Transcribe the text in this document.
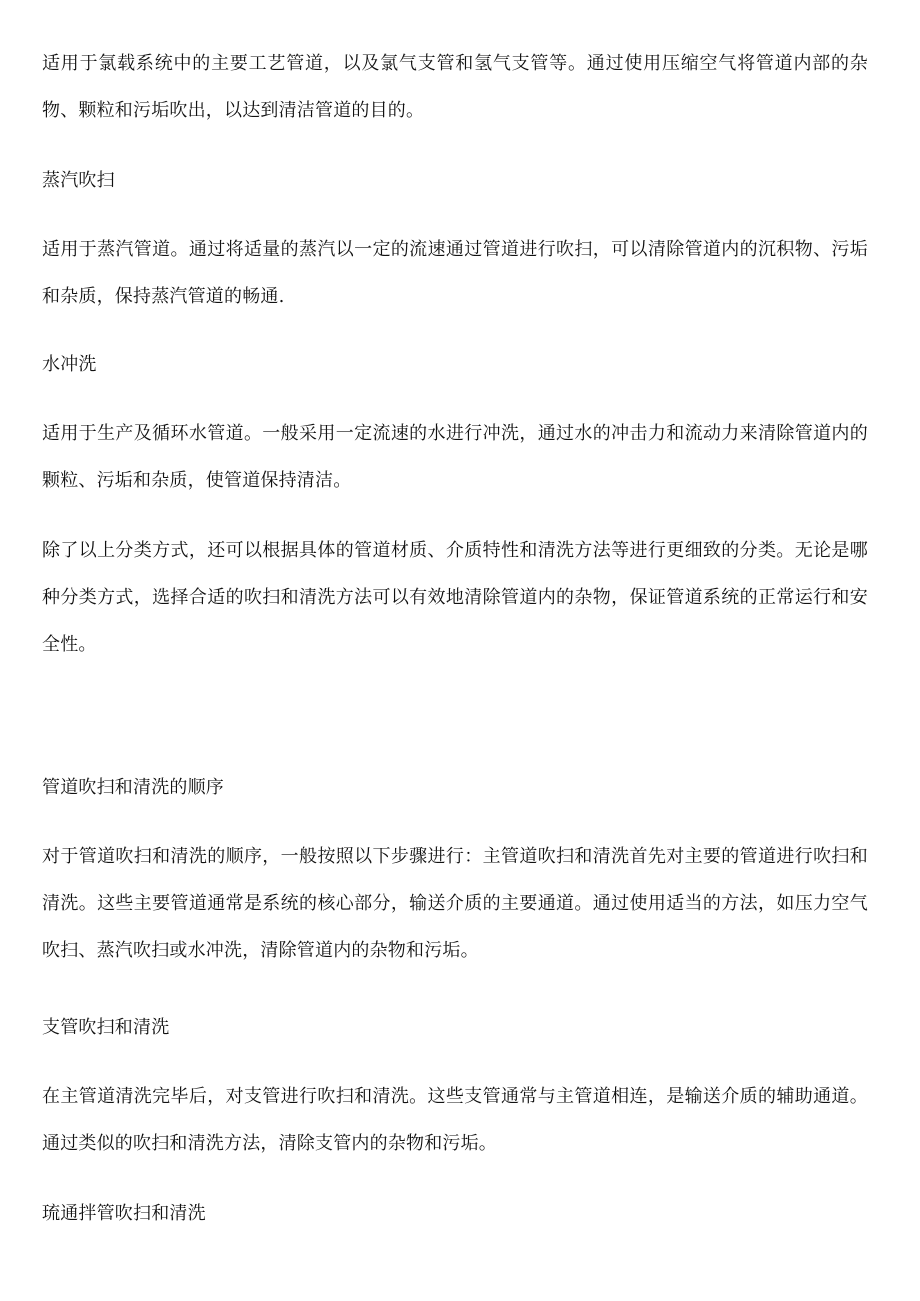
适用于氯载系统中的主要工艺管道，以及氯气支管和氢气支管等。通过使用压缩空气将管道内部的杂物、颗粒和污垢吹出，以达到清洁管道的目的。

蒸汽吹扫

适用于蒸汽管道。通过将适量的蒸汽以一定的流速通过管道进行吹扫，可以清除管道内的沉积物、污垢和杂质，保持蒸汽管道的畅通.

水冲洗

适用于生产及循环水管道。一般采用一定流速的水进行冲洗，通过水的冲击力和流动力来清除管道内的颗粒、污垢和杂质，使管道保持清洁。

除了以上分类方式，还可以根据具体的管道材质、介质特性和清洗方法等进行更细致的分类。无论是哪种分类方式，选择合适的吹扫和清洗方法可以有效地清除管道内的杂物，保证管道系统的正常运行和安全性。

管道吹扫和清洗的顺序

对于管道吹扫和清洗的顺序，一般按照以下步骤进行：主管道吹扫和清洗首先对主要的管道进行吹扫和清洗。这些主要管道通常是系统的核心部分，输送介质的主要通道。通过使用适当的方法，如压力空气吹扫、蒸汽吹扫或水冲洗，清除管道内的杂物和污垢。

支管吹扫和清洗

在主管道清洗完毕后，对支管进行吹扫和清洗。这些支管通常与主管道相连，是输送介质的辅助通道。通过类似的吹扫和清洗方法，清除支管内的杂物和污垢。

琉通拌管吹扫和清洗
